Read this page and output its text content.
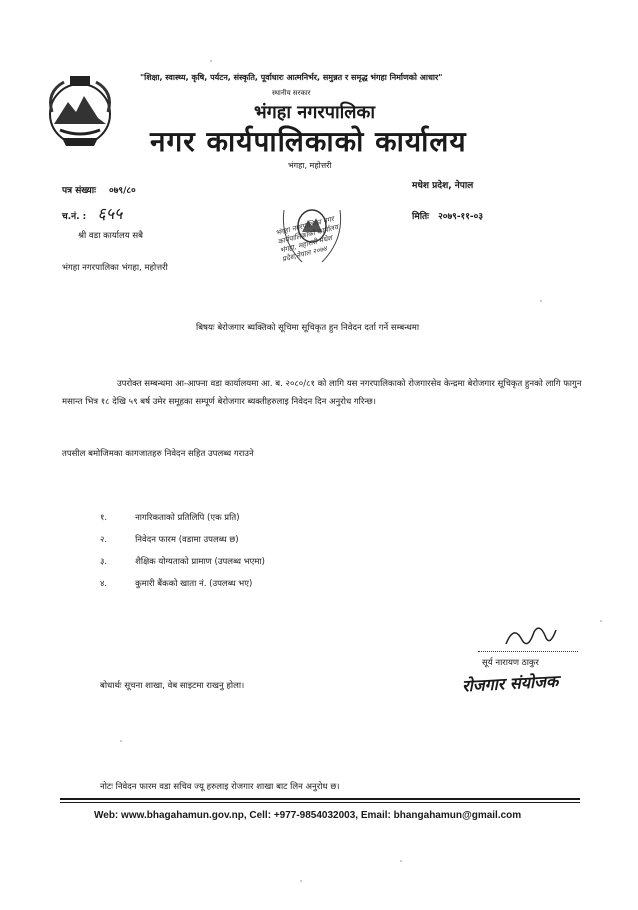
"शिक्षा, स्वास्थ्य, कृषि, पर्यटन, संस्कृति, पूर्वाधारः आत्मनिर्भर, समुन्नत र समृद्ध भंगहा निर्माणको आधार"
स्थानीय सरकार
भंगहा नगरपालिका
नगर कार्यपालिकाको कार्यालय
भंगहा, महोत्तरी
पत्र संख्याः ०७९/८०	मधेश प्रदेश, नेपाल
च.नं. : ६५५	मितिः २०७९-११-०३
भंगहा नगरपालिका नगर कार्यपालिकाको कार्यालय भंगहा, महोत्तरी मधेश प्रदेश,नेपाल २०७४
श्री वडा कार्यालय सबै
भंगहा नगरपालिका भंगहा, महोत्तरी
बिषयः बेरोजगार ब्यक्तिको सूचिमा सूचिकृत हुन निवेदन दर्ता गर्ने सम्बन्धमा

उपरोक्त सम्बन्धमा आ-आफ्ना वडा कार्यालयमा आ. ब. २०८०/८१ को लागि यस नगरपालिकाको रोजगारसेव केन्द्रमा बेरोजगार सूचिकृत हुनको लागि फागुन मसान्त भित्र १८ देखि ५९ बर्ष उमेर समूहका सम्पूर्ण बेरोजगार ब्यक्तीहरुलाइ निवेदन दिन अनुरोध गरिन्छ।

तपसील बमोजिमका कागजातहरु निवेदन सहित उपलब्ध गराउने
१.	नागरिकताको प्रतिलिपि (एक प्रति)
२.	निवेदन फारम (वडामा उपलब्ध छ)
३.	शैक्षिक योग्यताको प्रामाण (उपलब्ध भएमा)
४.	कुमारी बैंकको खाता नं. (उपलब्ध भए)
सूर्य नारायण ठाकुर
रोजगार संयोजक
बोधार्थः सूचना शाखा, वेब साइटमा राखनु होला।
नोटः निवेदन फारम वडा सचिव ज्यू हरुलाइ रोजगार शाखा बाट लिन अनुरोध छ।
Web: www.bhagahamun.gov.np, Cell: +977-9854032003, Email: bhangahamun@gmail.com
